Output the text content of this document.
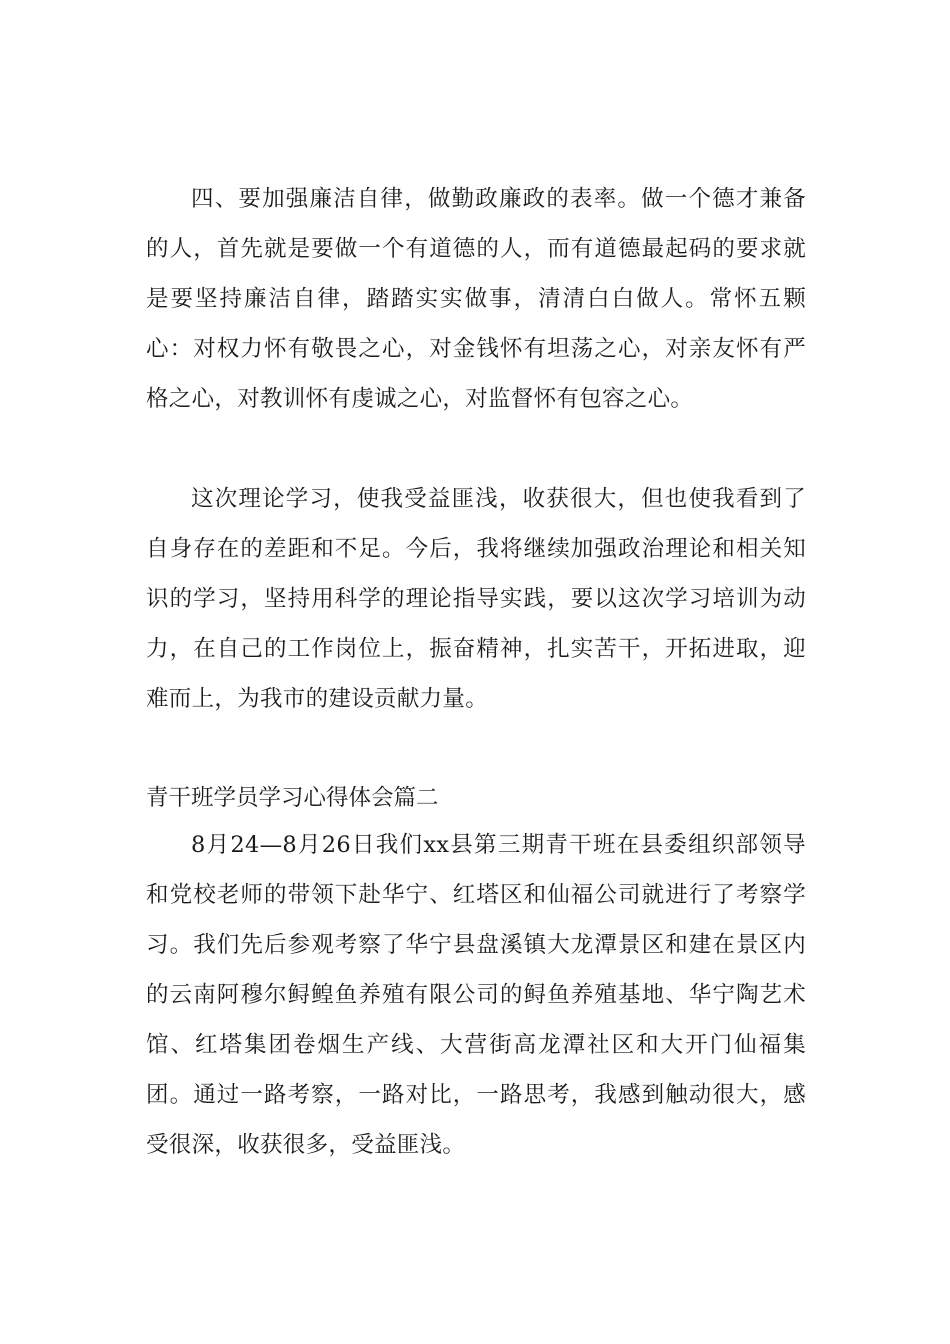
四、要加强廉洁自律，做勤政廉政的表率。做一个德才兼备的人，首先就是要做一个有道德的人，而有道德最起码的要求就是要坚持廉洁自律，踏踏实实做事，清清白白做人。常怀五颗心：对权力怀有敬畏之心，对金钱怀有坦荡之心，对亲友怀有严格之心，对教训怀有虔诚之心，对监督怀有包容之心。

这次理论学习，使我受益匪浅，收获很大，但也使我看到了自身存在的差距和不足。今后，我将继续加强政治理论和相关知识的学习，坚持用科学的理论指导实践，要以这次学习培训为动力，在自己的工作岗位上，振奋精神，扎实苦干，开拓进取，迎难而上，为我市的建设贡献力量。

青干班学员学习心得体会篇二

8月24—8月26日我们xx县第三期青干班在县委组织部领导和党校老师的带领下赴华宁、红塔区和仙福公司就进行了考察学习。我们先后参观考察了华宁县盘溪镇大龙潭景区和建在景区内的云南阿穆尔鲟鳇鱼养殖有限公司的鲟鱼养殖基地、华宁陶艺术馆、红塔集团卷烟生产线、大营街高龙潭社区和大开门仙福集团。通过一路考察，一路对比，一路思考，我感到触动很大，感受很深，收获很多，受益匪浅。
